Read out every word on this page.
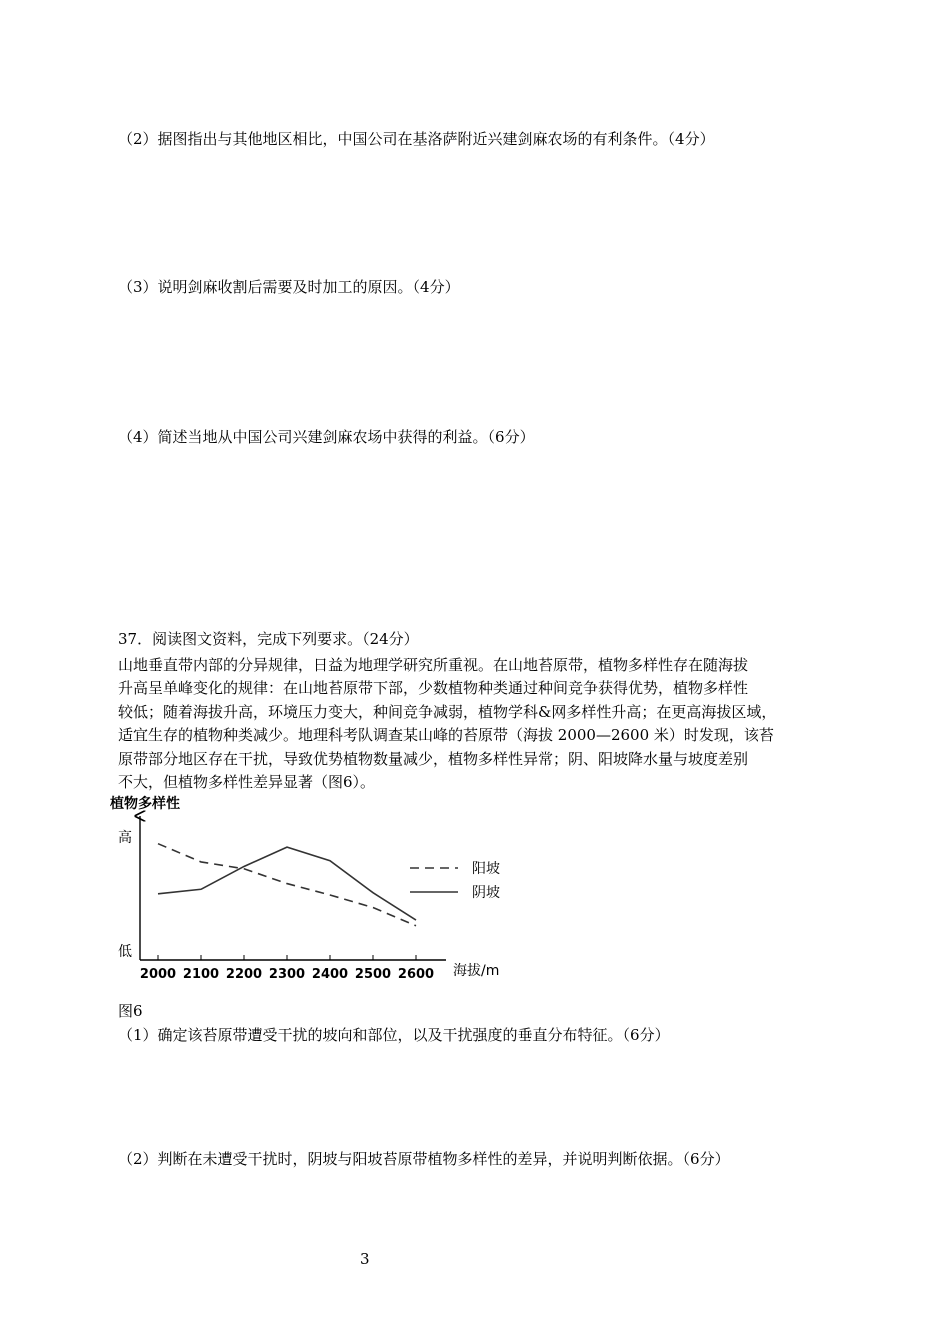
（2）据图指出与其他地区相比，中国公司在基洛萨附近兴建剑麻农场的有利条件。（4分）
（3）说明剑麻收割后需要及时加工的原因。（4分）
（4）简述当地从中国公司兴建剑麻农场中获得的利益。（6分）
37．阅读图文资料，完成下列要求。（24分）
山地垂直带内部的分异规律，日益为地理学研究所重视。在山地苔原带，植物多样性存在随海拔
升高呈单峰变化的规律：在山地苔原带下部，少数植物种类通过种间竞争获得优势，植物多样性
较低；随着海拔升高，环境压力变大，种间竞争减弱，植物学科&网多样性升高；在更高海拔区域，
适宜生存的植物种类减少。地理科考队调查某山峰的苔原带（海拔 2000—2600 米）时发现，该苔
原带部分地区存在干扰，导致优势植物数量减少，植物多样性异常；阴、阳坡降水量与坡度差别
不大，但植物多样性差异显著（图6）。
植物多样性
高
低
海拔/m
2000 2100 2200 2300 2400 2500 2600
阳坡
阴坡
图6
（1）确定该苔原带遭受干扰的坡向和部位，以及干扰强度的垂直分布特征。（6分）
（2）判断在未遭受干扰时，阴坡与阳坡苔原带植物多样性的差异，并说明判断依据。（6分）
3
